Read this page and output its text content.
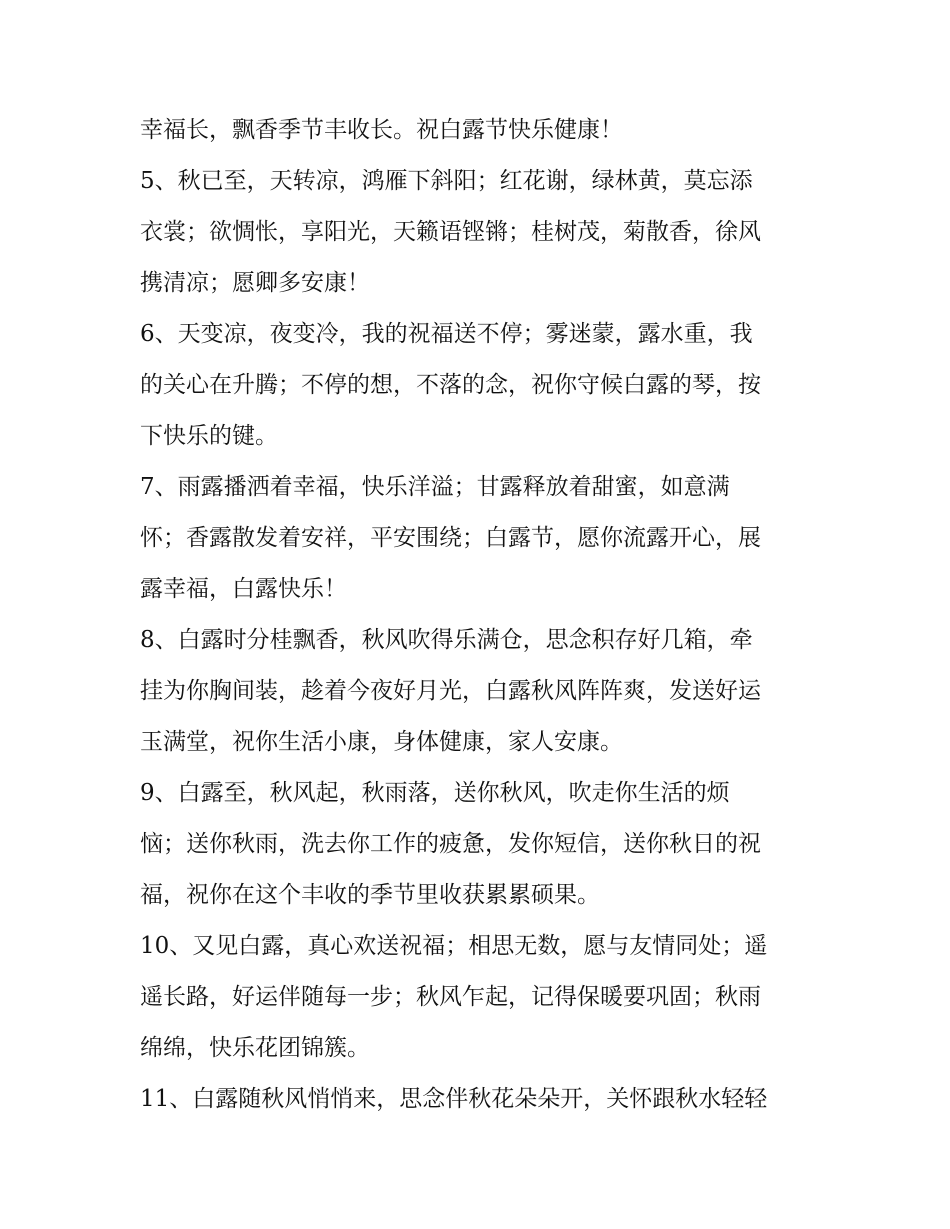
幸福长，飘香季节丰收长。祝白露节快乐健康！
5、秋已至，天转凉，鸿雁下斜阳；红花谢，绿林黄，莫忘添
衣裳；欲惆怅，享阳光，天籁语铿锵；桂树茂，菊散香，徐风
携清凉；愿卿多安康！
6、天变凉，夜变冷，我的祝福送不停；雾迷蒙，露水重，我
的关心在升腾；不停的想，不落的念，祝你守候白露的琴，按
下快乐的键。
7、雨露播洒着幸福，快乐洋溢；甘露释放着甜蜜，如意满
怀；香露散发着安祥，平安围绕；白露节，愿你流露开心，展
露幸福，白露快乐！
8、白露时分桂飘香，秋风吹得乐满仓，思念积存好几箱，牵
挂为你胸间装，趁着今夜好月光，白露秋风阵阵爽，发送好运
玉满堂，祝你生活小康，身体健康，家人安康。
9、白露至，秋风起，秋雨落，送你秋风，吹走你生活的烦
恼；送你秋雨，洗去你工作的疲惫，发你短信，送你秋日的祝
福，祝你在这个丰收的季节里收获累累硕果。
10、又见白露，真心欢送祝福；相思无数，愿与友情同处；遥
遥长路，好运伴随每一步；秋风乍起，记得保暖要巩固；秋雨
绵绵，快乐花团锦簇。
11、白露随秋风悄悄来，思念伴秋花朵朵开，关怀跟秋水轻轻
